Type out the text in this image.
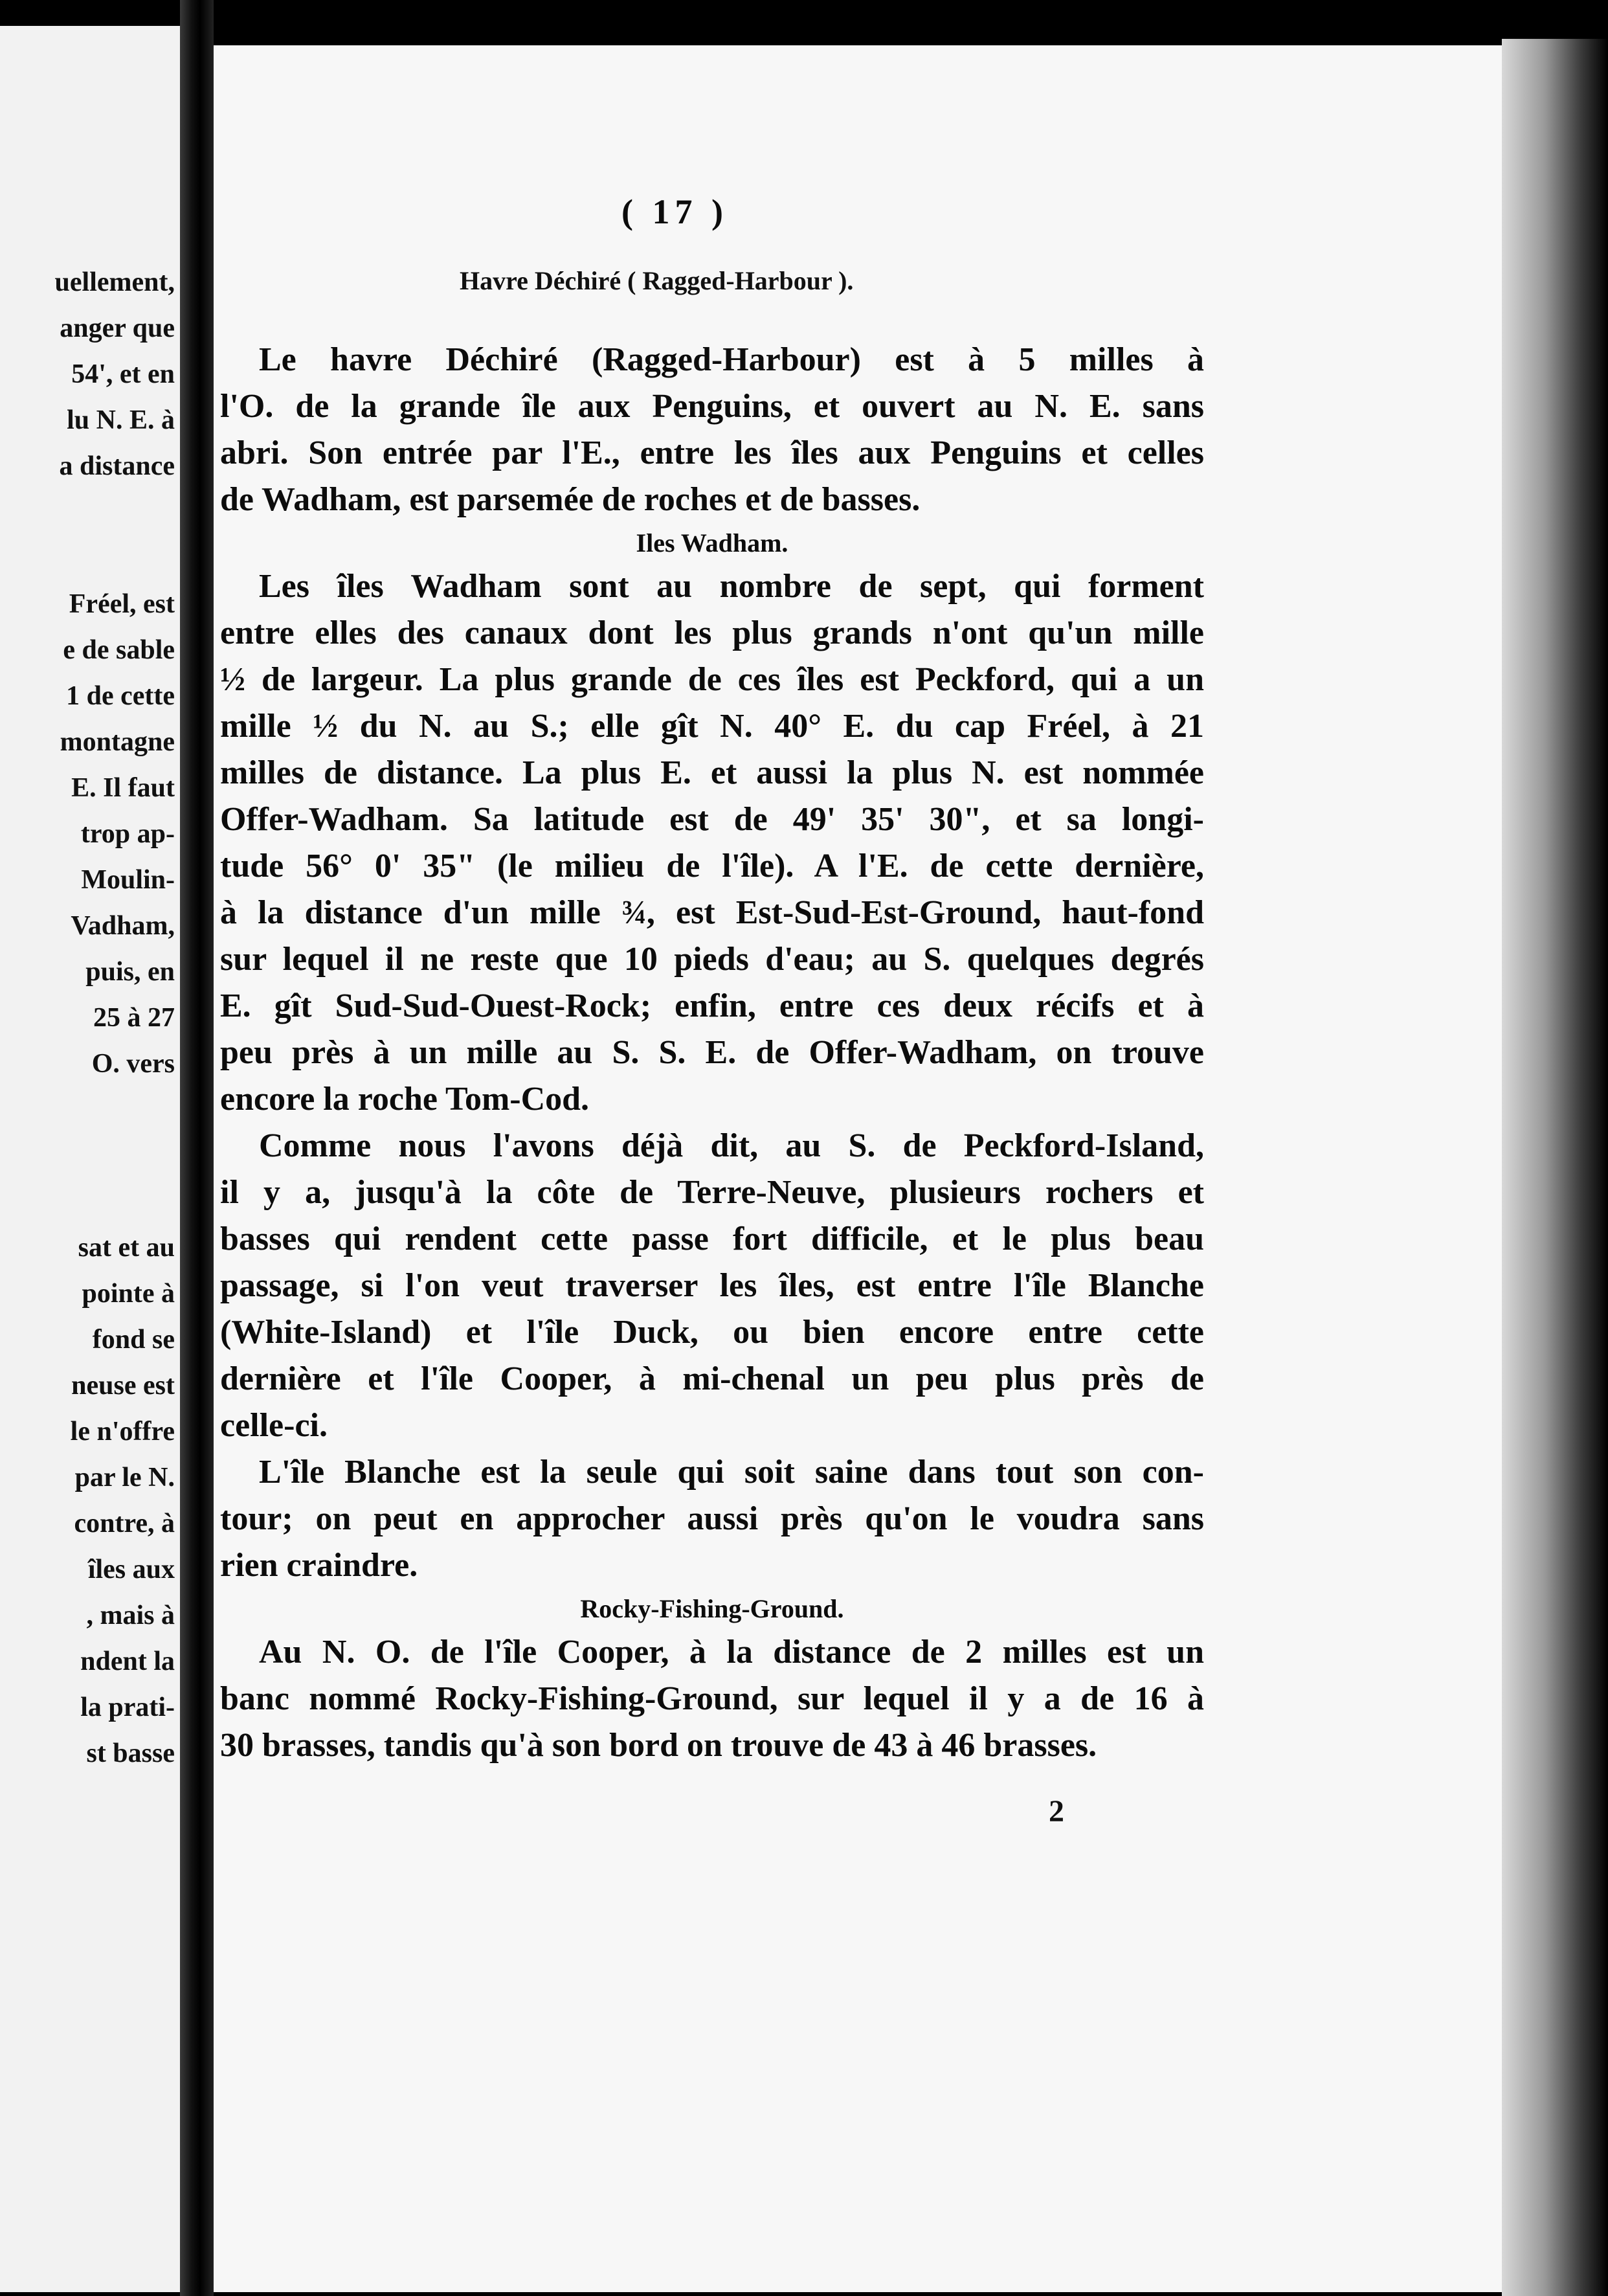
uellement,
anger que
54', et en
lu N. E. à
a distance
Fréel, est
e de sable
1 de cette
montagne
E. Il faut
trop ap-
Moulin-
Vadham,
puis, en
25 à 27
O. vers
sat et au
pointe à
fond se
neuse est
le n'offre
par le N.
contre, à
îles aux
, mais à
ndent la
la prati-
st basse
( 17 )
Havre Déchiré ( Ragged-Harbour ).
Le havre Déchiré (Ragged-Harbour) est à 5 milles à
l'O. de la grande île aux Penguins, et ouvert au N. E. sans
abri. Son entrée par l'E., entre les îles aux Penguins et celles
de Wadham, est parsemée de roches et de basses.
Iles Wadham.
Les îles Wadham sont au nombre de sept, qui forment
entre elles des canaux dont les plus grands n'ont qu'un mille
½ de largeur. La plus grande de ces îles est Peckford, qui a un
mille ½ du N. au S.; elle gît N. 40° E. du cap Fréel, à 21
milles de distance. La plus E. et aussi la plus N. est nommée
Offer-Wadham. Sa latitude est de 49' 35' 30", et sa longi-
tude 56° 0' 35" (le milieu de l'île). A l'E. de cette dernière,
à la distance d'un mille ¾, est Est-Sud-Est-Ground, haut-fond
sur lequel il ne reste que 10 pieds d'eau; au S. quelques degrés
E. gît Sud-Sud-Ouest-Rock; enfin, entre ces deux récifs et à
peu près à un mille au S. S. E. de Offer-Wadham, on trouve
encore la roche Tom-Cod.
Comme nous l'avons déjà dit, au S. de Peckford-Island,
il y a, jusqu'à la côte de Terre-Neuve, plusieurs rochers et
basses qui rendent cette passe fort difficile, et le plus beau
passage, si l'on veut traverser les îles, est entre l'île Blanche
(White-Island) et l'île Duck, ou bien encore entre cette
dernière et l'île Cooper, à mi-chenal un peu plus près de
celle-ci.
L'île Blanche est la seule qui soit saine dans tout son con-
tour; on peut en approcher aussi près qu'on le voudra sans
rien craindre.
Rocky-Fishing-Ground.
Au N. O. de l'île Cooper, à la distance de 2 milles est un
banc nommé Rocky-Fishing-Ground, sur lequel il y a de 16 à
30 brasses, tandis qu'à son bord on trouve de 43 à 46 brasses.
2
